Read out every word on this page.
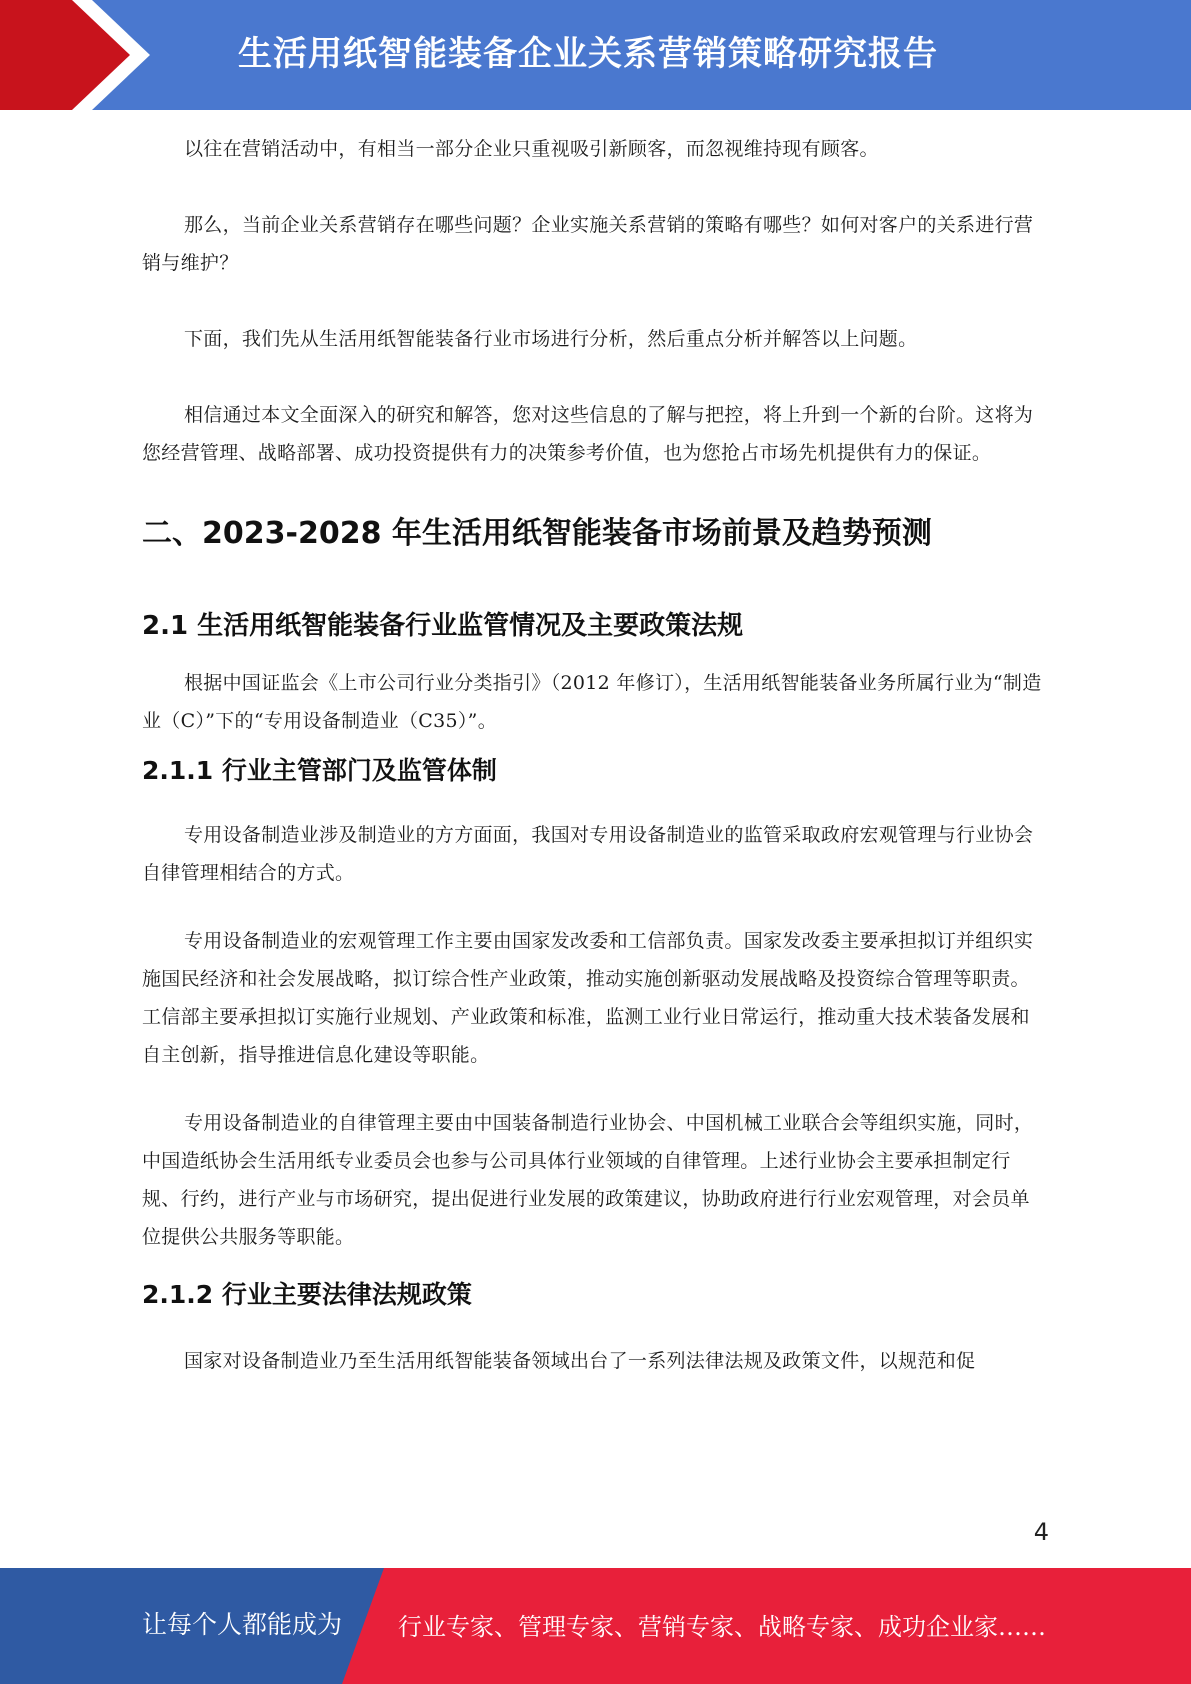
生活用纸智能装备企业关系营销策略研究报告

以往在营销活动中，有相当一部分企业只重视吸引新顾客，而忽视维持现有顾客。

那么，当前企业关系营销存在哪些问题？企业实施关系营销的策略有哪些？如何对客户的关系进行营销与维护？

下面，我们先从生活用纸智能装备行业市场进行分析，然后重点分析并解答以上问题。

相信通过本文全面深入的研究和解答，您对这些信息的了解与把控，将上升到一个新的台阶。这将为您经营管理、战略部署、成功投资提供有力的决策参考价值，也为您抢占市场先机提供有力的保证。

二、2023-2028 年生活用纸智能装备市场前景及趋势预测
2.1 生活用纸智能装备行业监管情况及主要政策法规

根据中国证监会《上市公司行业分类指引》（2012 年修订），生活用纸智能装备业务所属行业为“制造业（C）”下的“专用设备制造业（C35）”。

2.1.1 行业主管部门及监管体制

专用设备制造业涉及制造业的方方面面，我国对专用设备制造业的监管采取政府宏观管理与行业协会自律管理相结合的方式。

专用设备制造业的宏观管理工作主要由国家发改委和工信部负责。国家发改委主要承担拟订并组织实施国民经济和社会发展战略，拟订综合性产业政策，推动实施创新驱动发展战略及投资综合管理等职责。工信部主要承担拟订实施行业规划、产业政策和标准，监测工业行业日常运行，推动重大技术装备发展和自主创新，指导推进信息化建设等职能。

专用设备制造业的自律管理主要由中国装备制造行业协会、中国机械工业联合会等组织实施，同时，中国造纸协会生活用纸专业委员会也参与公司具体行业领域的自律管理。上述行业协会主要承担制定行规、行约，进行产业与市场研究，提出促进行业发展的政策建议，协助政府进行行业宏观管理，对会员单位提供公共服务等职能。

2.1.2 行业主要法律法规政策

国家对设备制造业乃至生活用纸智能装备领域出台了一系列法律法规及政策文件，以规范和促

4
让每个人都能成为 行业专家、管理专家、营销专家、战略专家、成功企业家……
